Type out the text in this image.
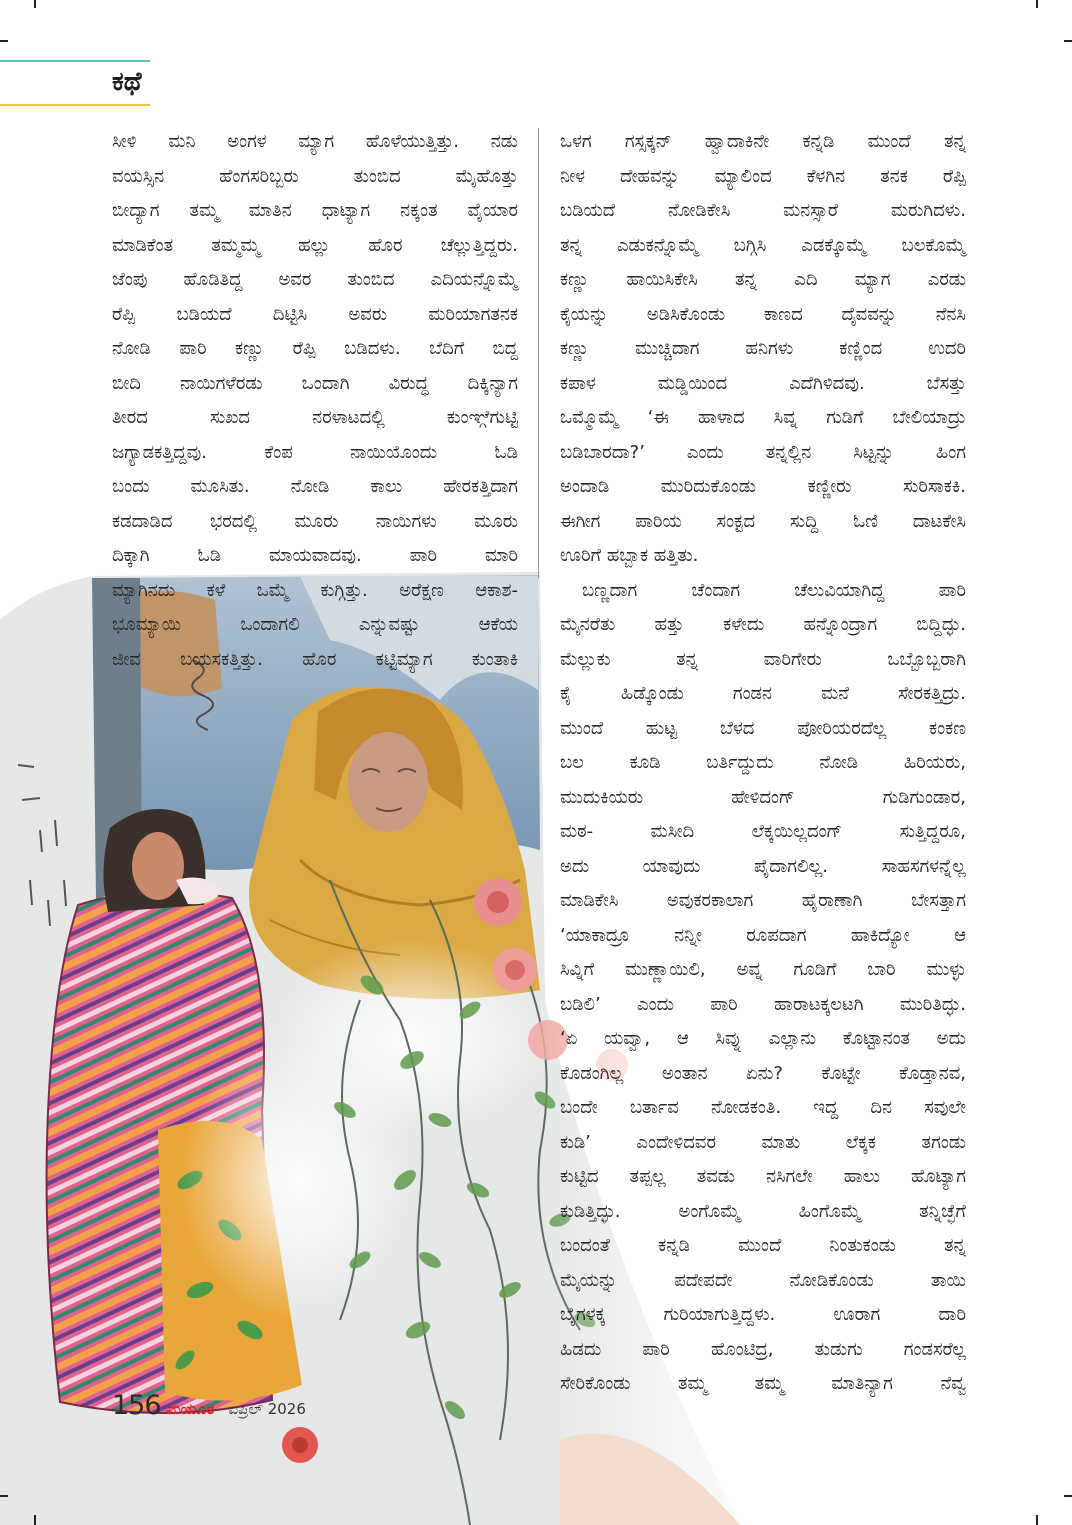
ಕಥೆ
ಸೀಳಿ ಮನಿ ಅಂಗಳ ಮ್ಯಾಗ ಹೊಳೆಯುತ್ತಿತ್ತು. ನಡು
ವಯಸ್ಸಿನ ಹೆಂಗಸರಿಬ್ಬರು ತುಂಬಿದ ಮೈಹೊತ್ತು
ಬೀದ್ಯಾಗ ತಮ್ಮ ಮಾತಿನ ಧಾಟ್ಯಾಗ ನಕ್ಕಂತ ವೈಯಾರ
ಮಾಡಿಕೆಂತ ತಮ್ಮಮ್ಮ ಹಲ್ಲು ಹೊರ ಚೆಲ್ಲುತ್ತಿದ್ದರು.
ಜೆಂಪು ಹೊಡಿತಿದ್ದ ಅವರ ತುಂಬಿದ ಎದಿಯನ್ನೊಮ್ಮೆ
ರೆಪ್ಪಿ ಬಡಿಯದೆ ದಿಟ್ಟಿಸಿ ಅವರು ಮರಿಯಾಗತನಕ
ನೋಡಿ ಪಾರಿ ಕಣ್ಣು ರೆಪ್ಪಿ ಬಡಿದಳು. ಬೆದಿಗೆ ಬಿದ್ದ
ಬೀದಿ ನಾಯಿಗಳೆರಡು ಒಂದಾಗಿ ವಿರುದ್ಧ ದಿಕ್ಕಿನ್ಯಾಗ
ತೀರದ ಸುಖದ ನರಳಾಟದಲ್ಲಿ ಕುಂಞ್ಗೆಗುಟ್ಟಿ
ಜಗ್ಯಾಡಕತ್ತಿದ್ದವು. ಕೆಂಪ ನಾಯಿಯೊಂದು ಓಡಿ
ಬಂದು ಮೂಸಿತು. ನೋಡಿ ಕಾಲು ಹೇರಕತ್ತಿದಾಗ
ಕಡದಾಡಿದ ಭರದಲ್ಲಿ ಮೂರು ನಾಯಿಗಳು ಮೂರು
ದಿಕ್ಕಾಗಿ ಓಡಿ ಮಾಯವಾದವು. ಪಾರಿ ಮಾರಿ
ಮ್ಯಾಗಿನದು ಕಳೆ ಒಮ್ಮೆ ಕುಗ್ಗಿತ್ತು. ಅರೆಕ್ಷಣ ಆಕಾಶ-
ಭೂಮ್ಯಾಯಿ ಒಂದಾಗಲಿ ಎನ್ನುವಷ್ಟು ಆಕೆಯ
ಜೀವ ಬಯಸಕತ್ತಿತ್ತು. ಹೊರ ಕಟ್ಟಿಮ್ಯಾಗ ಕುಂತಾಕಿ
ಒಳಗ ಗಸ್ಸಕ್ಕನ್ ಹ್ವಾದಾಕಿನೇ ಕನ್ನಡಿ ಮುಂದೆ ತನ್ನ
ನೀಳ ದೇಹವನ್ನು ಮ್ಯಾಲಿಂದ ಕೆಳಗಿನ ತನಕ ರೆಪ್ಪಿ
ಬಡಿಯದೆ ನೋಡಿಕೇಸಿ ಮನಸ್ಸಾರೆ ಮರುಗಿದಳು.
ತನ್ನ ಎಡುಕನ್ನೊಮ್ಮೆ ಬಗ್ಗಿಸಿ ಎಡಕ್ಕೊಮ್ಮೆ ಬಲಕೊಮ್ಮೆ
ಕಣ್ಣು ಹಾಯಿಸಿಕೇಸಿ ತನ್ನ ಎದಿ ಮ್ಯಾಗ ಎರಡು
ಕೈಯನ್ನು ಅಡಿಸಿಕೊಂಡು ಕಾಣದ ದೈವವನ್ನು ನೆನಸಿ
ಕಣ್ಣು ಮುಚ್ಚಿದಾಗ ಹನಿಗಳು ಕಣ್ಣಿಂದ ಉದರಿ
ಕಪಾಳ ಮಡ್ಡಿಯಿಂದ ಎದೆಗಿಳಿದವು. ಬೆಸತ್ತು
ಒಮ್ಮೊಮ್ಮೆ ‘ಈ ಹಾಳಾದ ಸಿವ್ನ ಗುಡಿಗೆ ಬೇಲಿಯಾದ್ರು
ಬಡಿಬಾರದಾ?’ ಎಂದು ತನ್ನಲ್ಲಿನ ಸಿಟ್ಟನ್ನು ಹಿಂಗ
ಅಂದಾಡಿ ಮುರಿದುಕೊಂಡು ಕಣ್ಣೀರು ಸುರಿಸಾಕಕಿ.
ಈಗೀಗ ಪಾರಿಯ ಸಂಕ್ಟದ ಸುದ್ದಿ ಓಣಿ ದಾಟಕೇಸಿ
ಊರಿಗೆ ಹಬ್ಬಾಕ ಹತ್ತಿತು.
ಬಣ್ಣದಾಗ ಚೆಂದಾಗ ಚೆಲುವಿಯಾಗಿದ್ದ ಪಾರಿ
ಮೈನರೆತು ಹತ್ತು ಕಳೇದು ಹನ್ನೊಂದ್ರಾಗ ಬಿದ್ದಿದ್ಳು.
ಮೆಲ್ಲುಕು ತನ್ನ ವಾರಿಗೇರು ಒಬ್ಬೊಬ್ಬರಾಗಿ
ಕೈ ಹಿಡ್ಕೊಂಡು ಗಂಡನ ಮನೆ ಸೇರಕತ್ತಿದ್ರು.
ಮುಂದೆ ಹುಟ್ಟ ಬೆಳದ ಪೋರಿಯರದೆಲ್ಲ ಕಂಕಣ
ಬಲ ಕೂಡಿ ಬರ್ತಿದ್ದುದು ನೋಡಿ ಹಿರಿಯರು,
ಮುದುಕಿಯರು ಹೇಳಿದಂಗ್ ಗುಡಿಗುಂಡಾರ,
ಮಠ- ಮಸೀದಿ ಲೆಕ್ಕಯಿಲ್ಲದಂಗ್ ಸುತ್ತಿದ್ದರೂ,
ಅದು ಯಾವುದು ಪೈದಾಗಲಿಲ್ಲ. ಸಾಹಸಗಳನ್ನೆಲ್ಲ
ಮಾಡಿಕೇಸಿ ಅವುಕರಕಾಲಾಗ ಹೈರಾಣಾಗಿ ಬೇಸತ್ತಾಗ
‘ಯಾಕಾದ್ರೂ ನನ್ನೀ ರೂಪದಾಗ ಹಾಕಿದ್ಯೋ ಆ
ಸಿವ್ನಿಗೆ ಮುಣ್ಣಾಯಿಲಿ, ಅವ್ನ ಗೂಡಿಗೆ ಬಾರಿ ಮುಳ್ಳು
ಬಡಿಲಿ’ ಎಂದು ಪಾರಿ ಹಾರಾಟಕ್ಕಲಟಗಿ ಮುರಿತಿದ್ಳು.
‘ಏ ಯವ್ವಾ, ಆ ಸಿವ್ನು ಎಲ್ಲಾನು ಕೊಟ್ಟಾನಂತ ಅದು
ಕೊಡಂಗಿಲ್ಲ ಅಂತಾನ ಏನು? ಕೊಟ್ಟೇ ಕೊಡ್ತಾನವ,
ಬಂದೇ ಬರ್ತಾವ ನೋಡಕಂತಿ. ಇದ್ದ ದಿನ ಸವುಲೇ
ಕುಡಿ’ ಎಂದೇಳಿದವರ ಮಾತು ಲೆಕ್ಕಕ ತಗಂಡು
ಕುಟ್ಟಿದ ತಪ್ಪಲ್ಲ ತವಡು ನಸಿಗಲೇ ಹಾಲು ಹೊಟ್ಯಾಗ
ಕುಡಿತ್ತಿದ್ಳು. ಅಂಗೊಮ್ಮೆ ಹಿಂಗೊಮ್ಮೆ ತನ್ನಿಚ್ಛೆಗೆ
ಬಂದಂತೆ ಕನ್ನಡಿ ಮುಂದೆ ನಿಂತುಕಂಡು ತನ್ನ
ಮೈಯನ್ನು ಪದೇಪದೇ ನೋಡಿಕೊಂಡು ತಾಯಿ
ಬೈಗಳಕ್ಕ ಗುರಿಯಾಗುತ್ತಿದ್ದಳು. ಊರಾಗ ದಾರಿ
ಹಿಡದು ಪಾರಿ ಹೊಂಟಿದ್ರ, ತುಡುಗು ಗಂಡಸರೆಲ್ಲ
ಸೇರಿಕೊಂಡು ತಮ್ಮ ತಮ್ಮ ಮಾತಿನ್ಯಾಗ ನೆವ್ವ
156 ಮಯೂರ ಏಪ್ರಿಲ್ 2026
